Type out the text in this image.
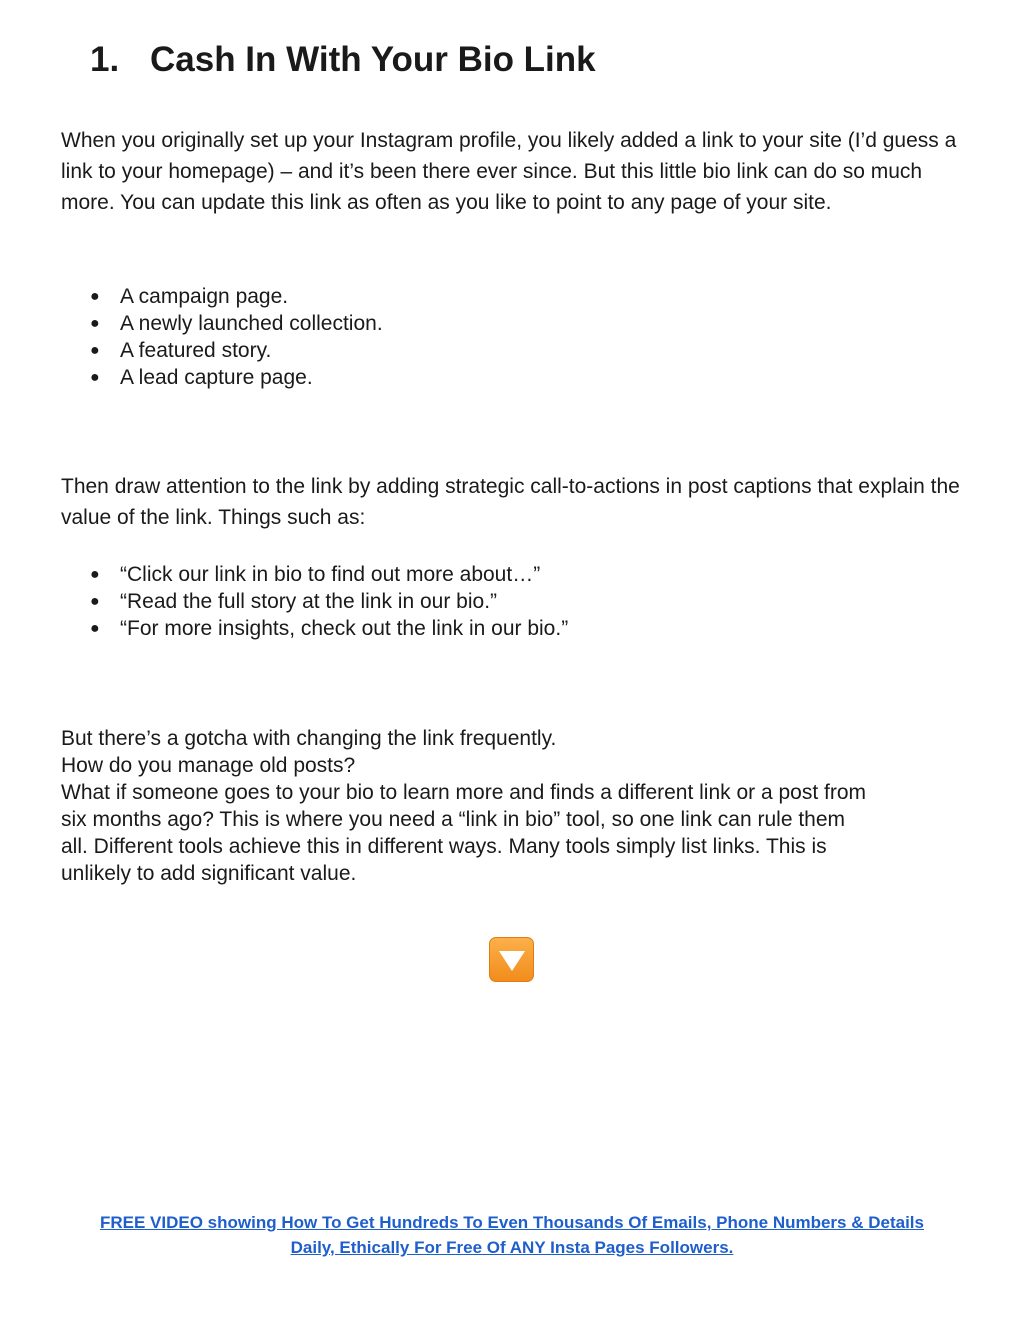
1. Cash In With Your Bio Link

When you originally set up your Instagram profile, you likely added a link to your site (I’d guess a link to your homepage) – and it’s been there ever since. But this little bio link can do so much more. You can update this link as often as you like to point to any page of your site.

● A campaign page.
● A newly launched collection.
● A featured story.
● A lead capture page.

Then draw attention to the link by adding strategic call-to-actions in post captions that explain the value of the link. Things such as:

● “Click our link in bio to find out more about…”
● “Read the full story at the link in our bio.”
● “For more insights, check out the link in our bio.”
But there’s a gotcha with changing the link frequently.
How do you manage old posts?
What if someone goes to your bio to learn more and finds a different link or a post from
six months ago? This is where you need a “link in bio” tool, so one link can rule them
all. Different tools achieve this in different ways. Many tools simply list links. This is
unlikely to add significant value.
FREE VIDEO showing How To Get Hundreds To Even Thousands Of Emails, Phone Numbers & Details
Daily, Ethically For Free Of ANY Insta Pages Followers.
